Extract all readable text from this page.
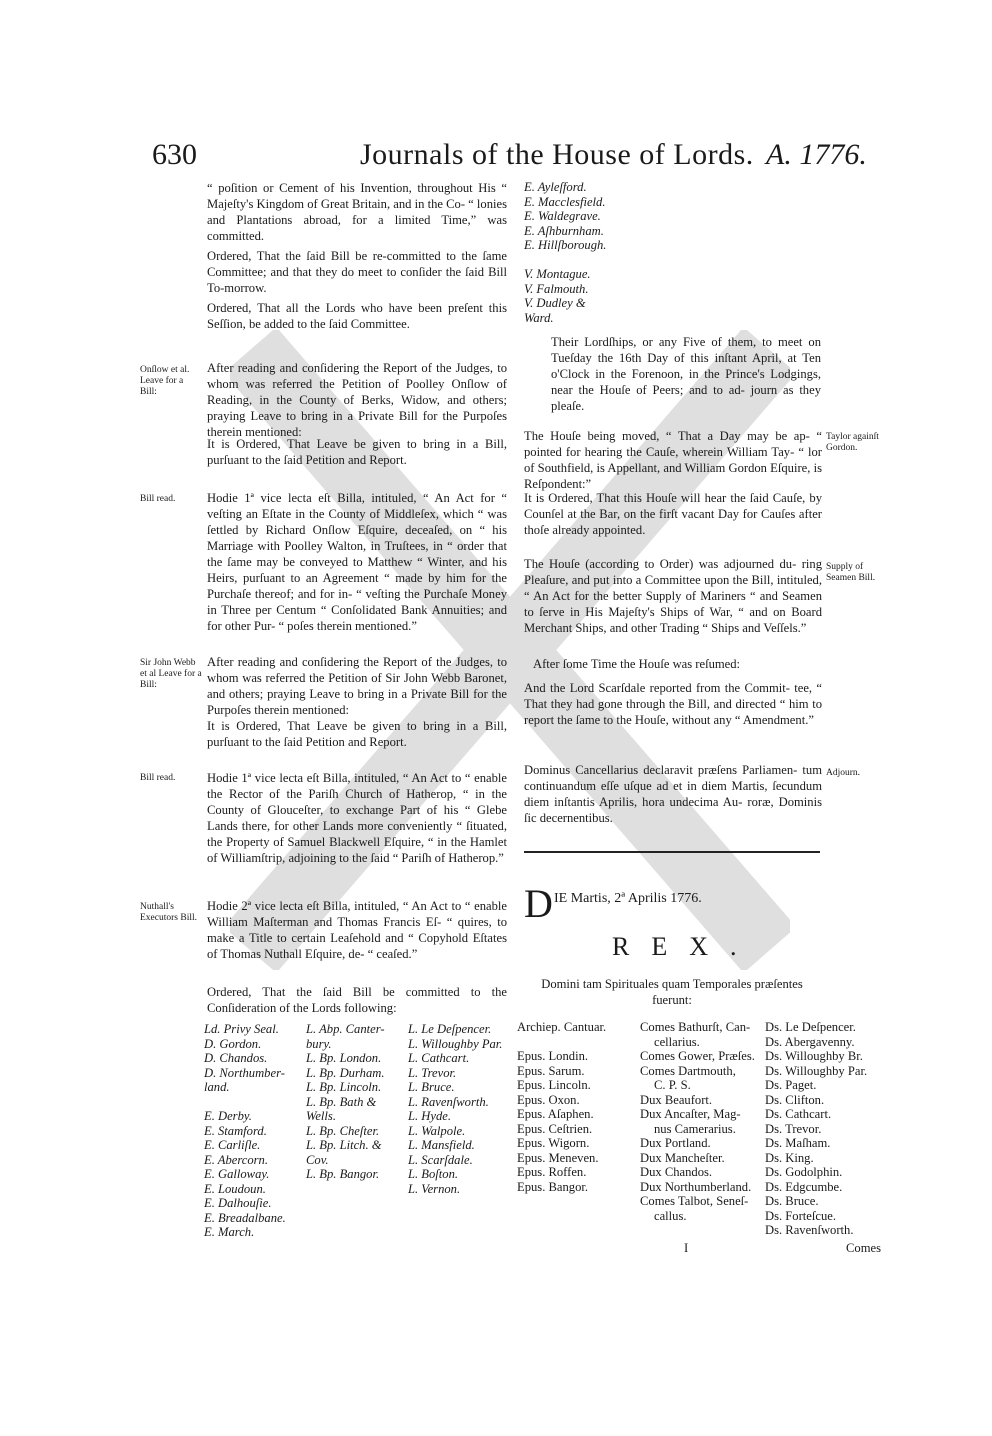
630	Journals of the House of Lords. A. 1776.
“ poſition or Cement of his Invention, throughout His “ Majeſty's Kingdom of Great Britain, and in the Co- “ lonies and Plantations abroad, for a limited Time,” was committed.
Ordered, That the ſaid Bill be re-committed to the ſame Committee; and that they do meet to conſider the ſaid Bill To-morrow.
Ordered, That all the Lords who have been preſent this Seſſion, be added to the ſaid Committee.
Onſlow et al. Leave for a Bill:
After reading and conſidering the Report of the Judges, to whom was referred the Petition of Poolley Onſlow of Reading, in the County of Berks, Widow, and others; praying Leave to bring in a Private Bill for the Purpoſes therein mentioned:
It is Ordered, That Leave be given to bring in a Bill, purſuant to the ſaid Petition and Report.
Bill read.	Hodie 1ª vice lecta eſt Billa, intituled, “ An Act for “ veſting an Eſtate in the County of Middleſex, which “ was ſettled by Richard Onſlow Eſquire, deceaſed, on “ his Marriage with Poolley Walton, in Truſtees, in “ order that the ſame may be conveyed to Matthew “ Winter, and his Heirs, purſuant to an Agreement “ made by him for the Purchaſe thereof; and for in- “ veſting the Purchaſe Money in Three per Centum “ Conſolidated Bank Annuities; and for other Pur- “ poſes therein mentioned.”
Sir John Webb et al Leave for a Bill:
After reading and conſidering the Report of the Judges, to whom was referred the Petition of Sir John Webb Baronet, and others; praying Leave to bring in a Private Bill for the Purpoſes therein mentioned:
It is Ordered, That Leave be given to bring in a Bill, purſuant to the ſaid Petition and Report.
Bill read.	Hodie 1ª vice lecta eſt Billa, intituled, “ An Act to “ enable the Rector of the Pariſh Church of Hatherop, “ in the County of Glouceſter, to exchange Part of his “ Glebe Lands there, for other Lands more conveniently “ ſituated, the Property of Samuel Blackwell Eſquire, “ in the Hamlet of Williamſtrip, adjoining to the ſaid “ Pariſh of Hatherop.”
Nuthall's Executors Bill.
Hodie 2ª vice lecta eſt Billa, intituled, “ An Act to “ enable William Maſterman and Thomas Francis Eſ- “ quires, to make a Title to certain Leaſehold and “ Copyhold Eſtates of Thomas Nuthall Eſquire, de- “ ceaſed.”
Ordered, That the ſaid Bill be committed to the Conſideration of the Lords following:
Ld. Privy Seal.
D. Gordon.
D. Chandos.
D. Northumber-
land.

E. Derby.
E. Stamford.
E. Carliſle.
E. Abercorn.
E. Galloway.
E. Loudoun.
E. Dalhouſie.
E. Breadalbane.
E. March.
L. Abp. Canter-
bury.
L. Bp. London.
L. Bp. Durham.
L. Bp. Lincoln.
L. Bp. Bath &
Wells.
L. Bp. Cheſter.
L. Bp. Litch. &
Cov.
L. Bp. Bangor.
L. Le Deſpencer.
L. Willoughby Par.
L. Cathcart.
L. Trevor.
L. Bruce.
L. Ravenſworth.
L. Hyde.
L. Walpole.
L. Mansfield.
L. Scarſdale.
L. Boſton.
L. Vernon.
E. Ayleſford.
E. Macclesfield.
E. Waldegrave.
E. Aſhburnham.
E. Hillſborough.

V. Montague.
V. Falmouth.
V. Dudley &
Ward.
Their Lordſhips, or any Five of them, to meet on Tueſday the 16th Day of this inſtant April, at Ten o'Clock in the Forenoon, in the Prince's Lodgings, near the Houſe of Peers; and to ad- journ as they pleaſe.
The Houſe being moved, “ That a Day may be ap- “ pointed for hearing the Cauſe, wherein William Tay- “ lor of Southfield, is Appellant, and William Gordon Eſquire, is Reſpondent:”
Taylor againſt Gordon.
It is Ordered, That this Houſe will hear the ſaid Cauſe, by Counſel at the Bar, on the firſt vacant Day for Cauſes after thoſe already appointed.
The Houſe (according to Order) was adjourned du- ring Pleaſure, and put into a Committee upon the Bill, intituled, “ An Act for the better Supply of Mariners “ and Seamen to ſerve in His Majeſty's Ships of War, “ and on Board Merchant Ships, and other Trading “ Ships and Veſſels.”
Supply of Seamen Bill.
After ſome Time the Houſe was reſumed:
And the Lord Scarſdale reported from the Commit- tee, “ That they had gone through the Bill, and directed “ him to report the ſame to the Houſe, without any “ Amendment.”
Dominus Cancellarius declaravit præſens Parliamen- tum continuandum eſſe uſque ad et in diem Martis, ſecundum diem inſtantis Aprilis, hora undecima Au- roræ, Dominis ſic decernentibus.
Adjourn.
D IE Martis, 2ª Aprilis 1776.
REX.
Domini tam Spirituales quam Temporales præſentes fuerunt:
Archiep. Cantuar.

Epus. Londin.
Epus. Sarum.
Epus. Lincoln.
Epus. Oxon.
Epus. Aſaphen.
Epus. Ceſtrien.
Epus. Wigorn.
Epus. Meneven.
Epus. Roffen.
Epus. Bangor.
Comes Bathurſt, Can-
cellarius.
Comes Gower, Præſes.
Comes Dartmouth,
C. P. S.
Dux Beaufort.
Dux Ancaſter, Mag-
nus Camerarius.
Dux Portland.
Dux Mancheſter.
Dux Chandos.
Dux Northumberland.
Comes Talbot, Seneſ-
callus.
Ds. Le Deſpencer.
Ds. Abergavenny.
Ds. Willoughby Br.
Ds. Willoughby Par.
Ds. Paget.
Ds. Clifton.
Ds. Cathcart.
Ds. Trevor.
Ds. Maſham.
Ds. King.
Ds. Godolphin.
Ds. Edgcumbe.
Ds. Bruce.
Ds. Forteſcue.
Ds. Ravenſworth.
I	Comes
